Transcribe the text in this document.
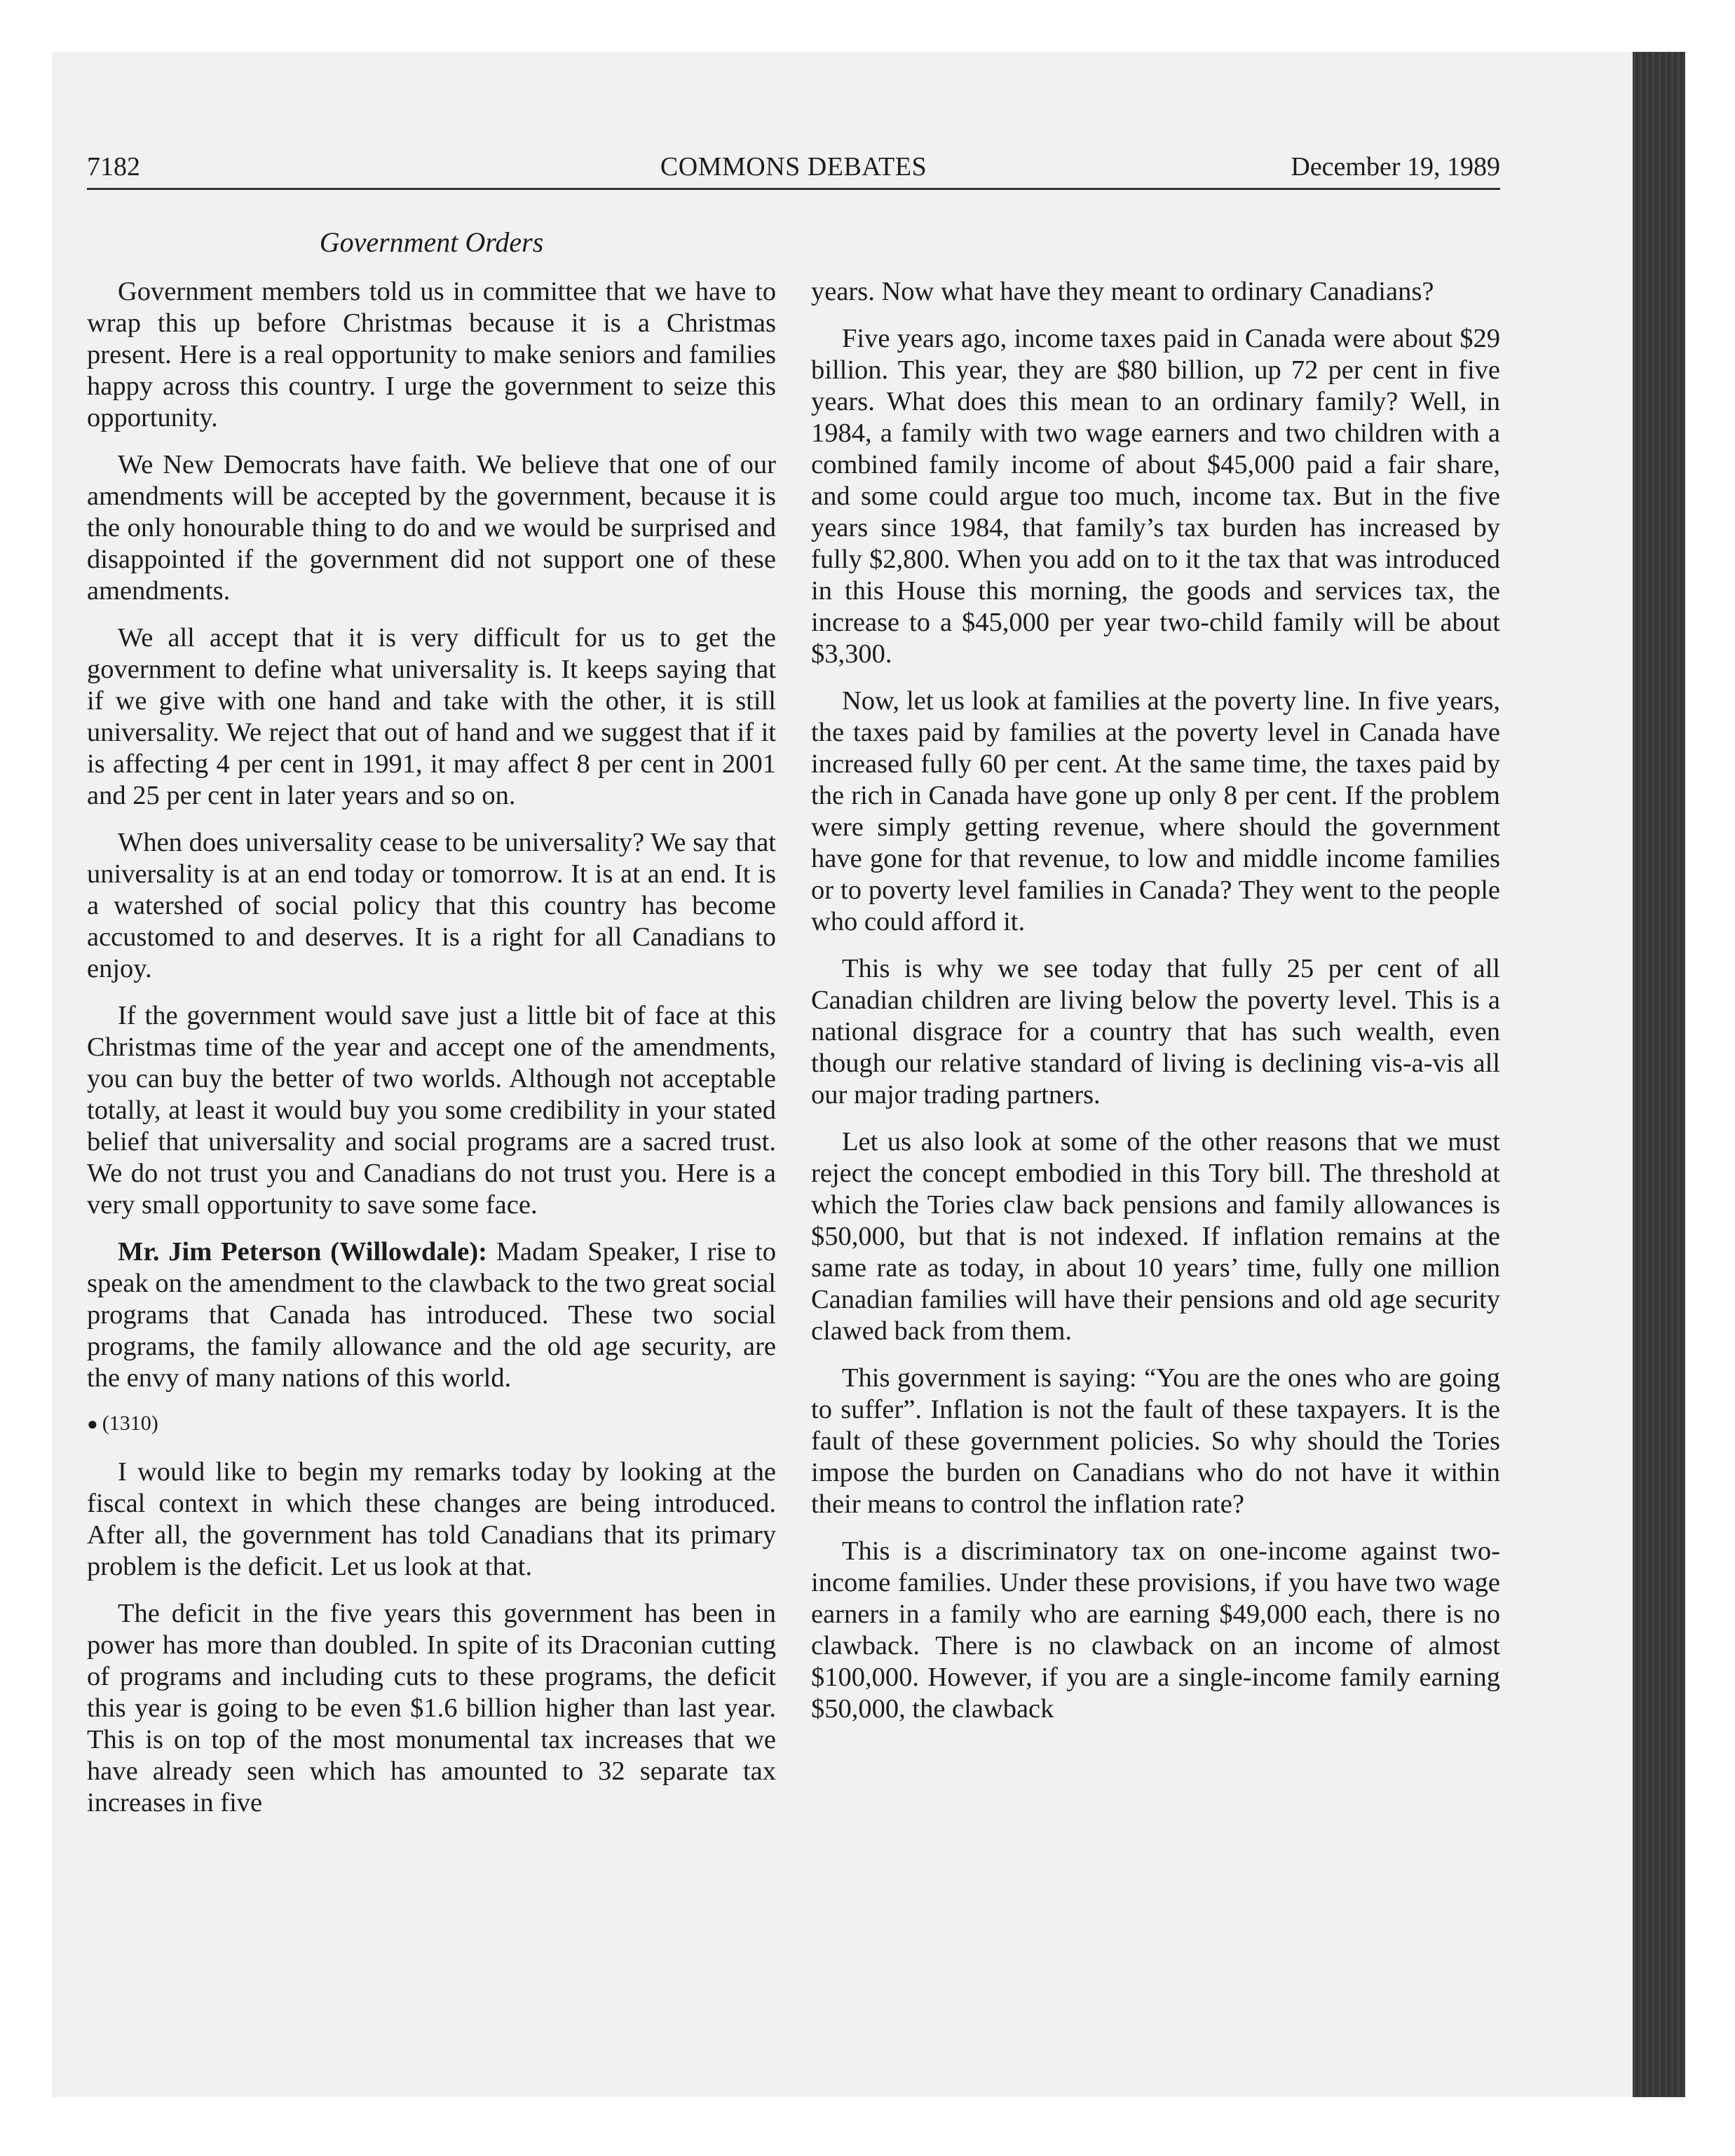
7182	COMMONS DEBATES	December 19, 1989
Government Orders

Government members told us in committee that we have to wrap this up before Christmas because it is a Christmas present. Here is a real opportunity to make seniors and families happy across this country. I urge the government to seize this opportunity.

We New Democrats have faith. We believe that one of our amendments will be accepted by the government, because it is the only honourable thing to do and we would be surprised and disappointed if the government did not support one of these amendments.

We all accept that it is very difficult for us to get the government to define what universality is. It keeps saying that if we give with one hand and take with the other, it is still universality. We reject that out of hand and we suggest that if it is affecting 4 per cent in 1991, it may affect 8 per cent in 2001 and 25 per cent in later years and so on.

When does universality cease to be universality? We say that universality is at an end today or tomorrow. It is at an end. It is a watershed of social policy that this country has become accustomed to and deserves. It is a right for all Canadians to enjoy.

If the government would save just a little bit of face at this Christmas time of the year and accept one of the amendments, you can buy the better of two worlds. Although not acceptable totally, at least it would buy you some credibility in your stated belief that universality and social programs are a sacred trust. We do not trust you and Canadians do not trust you. Here is a very small opportunity to save some face.

Mr. Jim Peterson (Willowdale): Madam Speaker, I rise to speak on the amendment to the clawback to the two great social programs that Canada has introduced. These two social programs, the family allowance and the old age security, are the envy of many nations of this world.

● (1310)

I would like to begin my remarks today by looking at the fiscal context in which these changes are being introduced. After all, the government has told Canadians that its primary problem is the deficit. Let us look at that.

The deficit in the five years this government has been in power has more than doubled. In spite of its Draconian cutting of programs and including cuts to these programs, the deficit this year is going to be even $1.6 billion higher than last year. This is on top of the most monumental tax increases that we have already seen which has amounted to 32 separate tax increases in five

years. Now what have they meant to ordinary Canadians?

Five years ago, income taxes paid in Canada were about $29 billion. This year, they are $80 billion, up 72 per cent in five years. What does this mean to an ordinary family? Well, in 1984, a family with two wage earners and two children with a combined family income of about $45,000 paid a fair share, and some could argue too much, income tax. But in the five years since 1984, that family’s tax burden has increased by fully $2,800. When you add on to it the tax that was introduced in this House this morning, the goods and services tax, the increase to a $45,000 per year two-child family will be about $3,300.

Now, let us look at families at the poverty line. In five years, the taxes paid by families at the poverty level in Canada have increased fully 60 per cent. At the same time, the taxes paid by the rich in Canada have gone up only 8 per cent. If the problem were simply getting revenue, where should the government have gone for that revenue, to low and middle income families or to poverty level families in Canada? They went to the people who could afford it.

This is why we see today that fully 25 per cent of all Canadian children are living below the poverty level. This is a national disgrace for a country that has such wealth, even though our relative standard of living is declining vis-a-vis all our major trading partners.

Let us also look at some of the other reasons that we must reject the concept embodied in this Tory bill. The threshold at which the Tories claw back pensions and family allowances is $50,000, but that is not indexed. If inflation remains at the same rate as today, in about 10 years’ time, fully one million Canadian families will have their pensions and old age security clawed back from them.

This government is saying: “You are the ones who are going to suffer”. Inflation is not the fault of these taxpayers. It is the fault of these government policies. So why should the Tories impose the burden on Canadians who do not have it within their means to control the inflation rate?

This is a discriminatory tax on one-income against two-income families. Under these provisions, if you have two wage earners in a family who are earning $49,000 each, there is no clawback. There is no clawback on an income of almost $100,000. However, if you are a single-income family earning $50,000, the clawback
